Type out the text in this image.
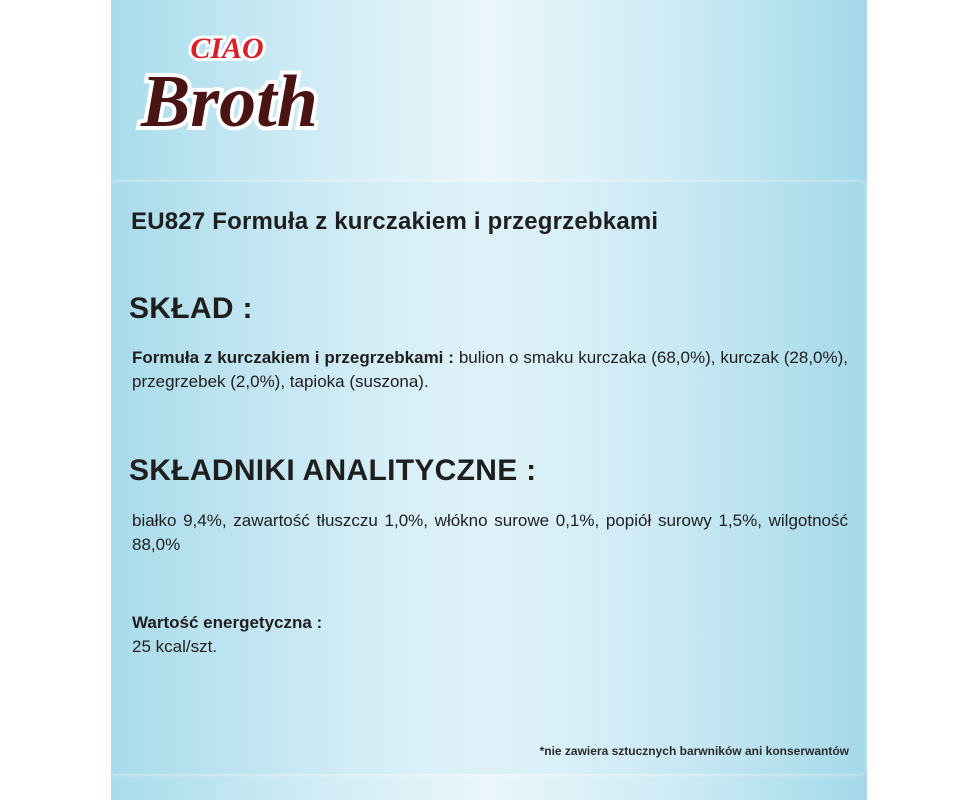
CIAO
Broth
EU827 Formuła z kurczakiem i przegrzebkami
SKŁAD :
Formuła z kurczakiem i przegrzebkami : bulion o smaku kurczaka (68,0%), kurczak (28,0%), przegrzebek (2,0%), tapioka (suszona).
SKŁADNIKI ANALITYCZNE :
białko 9,4%, zawartość tłuszczu 1,0%, włókno surowe 0,1%, popiół surowy 1,5%, wilgotność 88,0%
Wartość energetyczna :
25 kcal/szt.
*nie zawiera sztucznych barwników ani konserwantów
